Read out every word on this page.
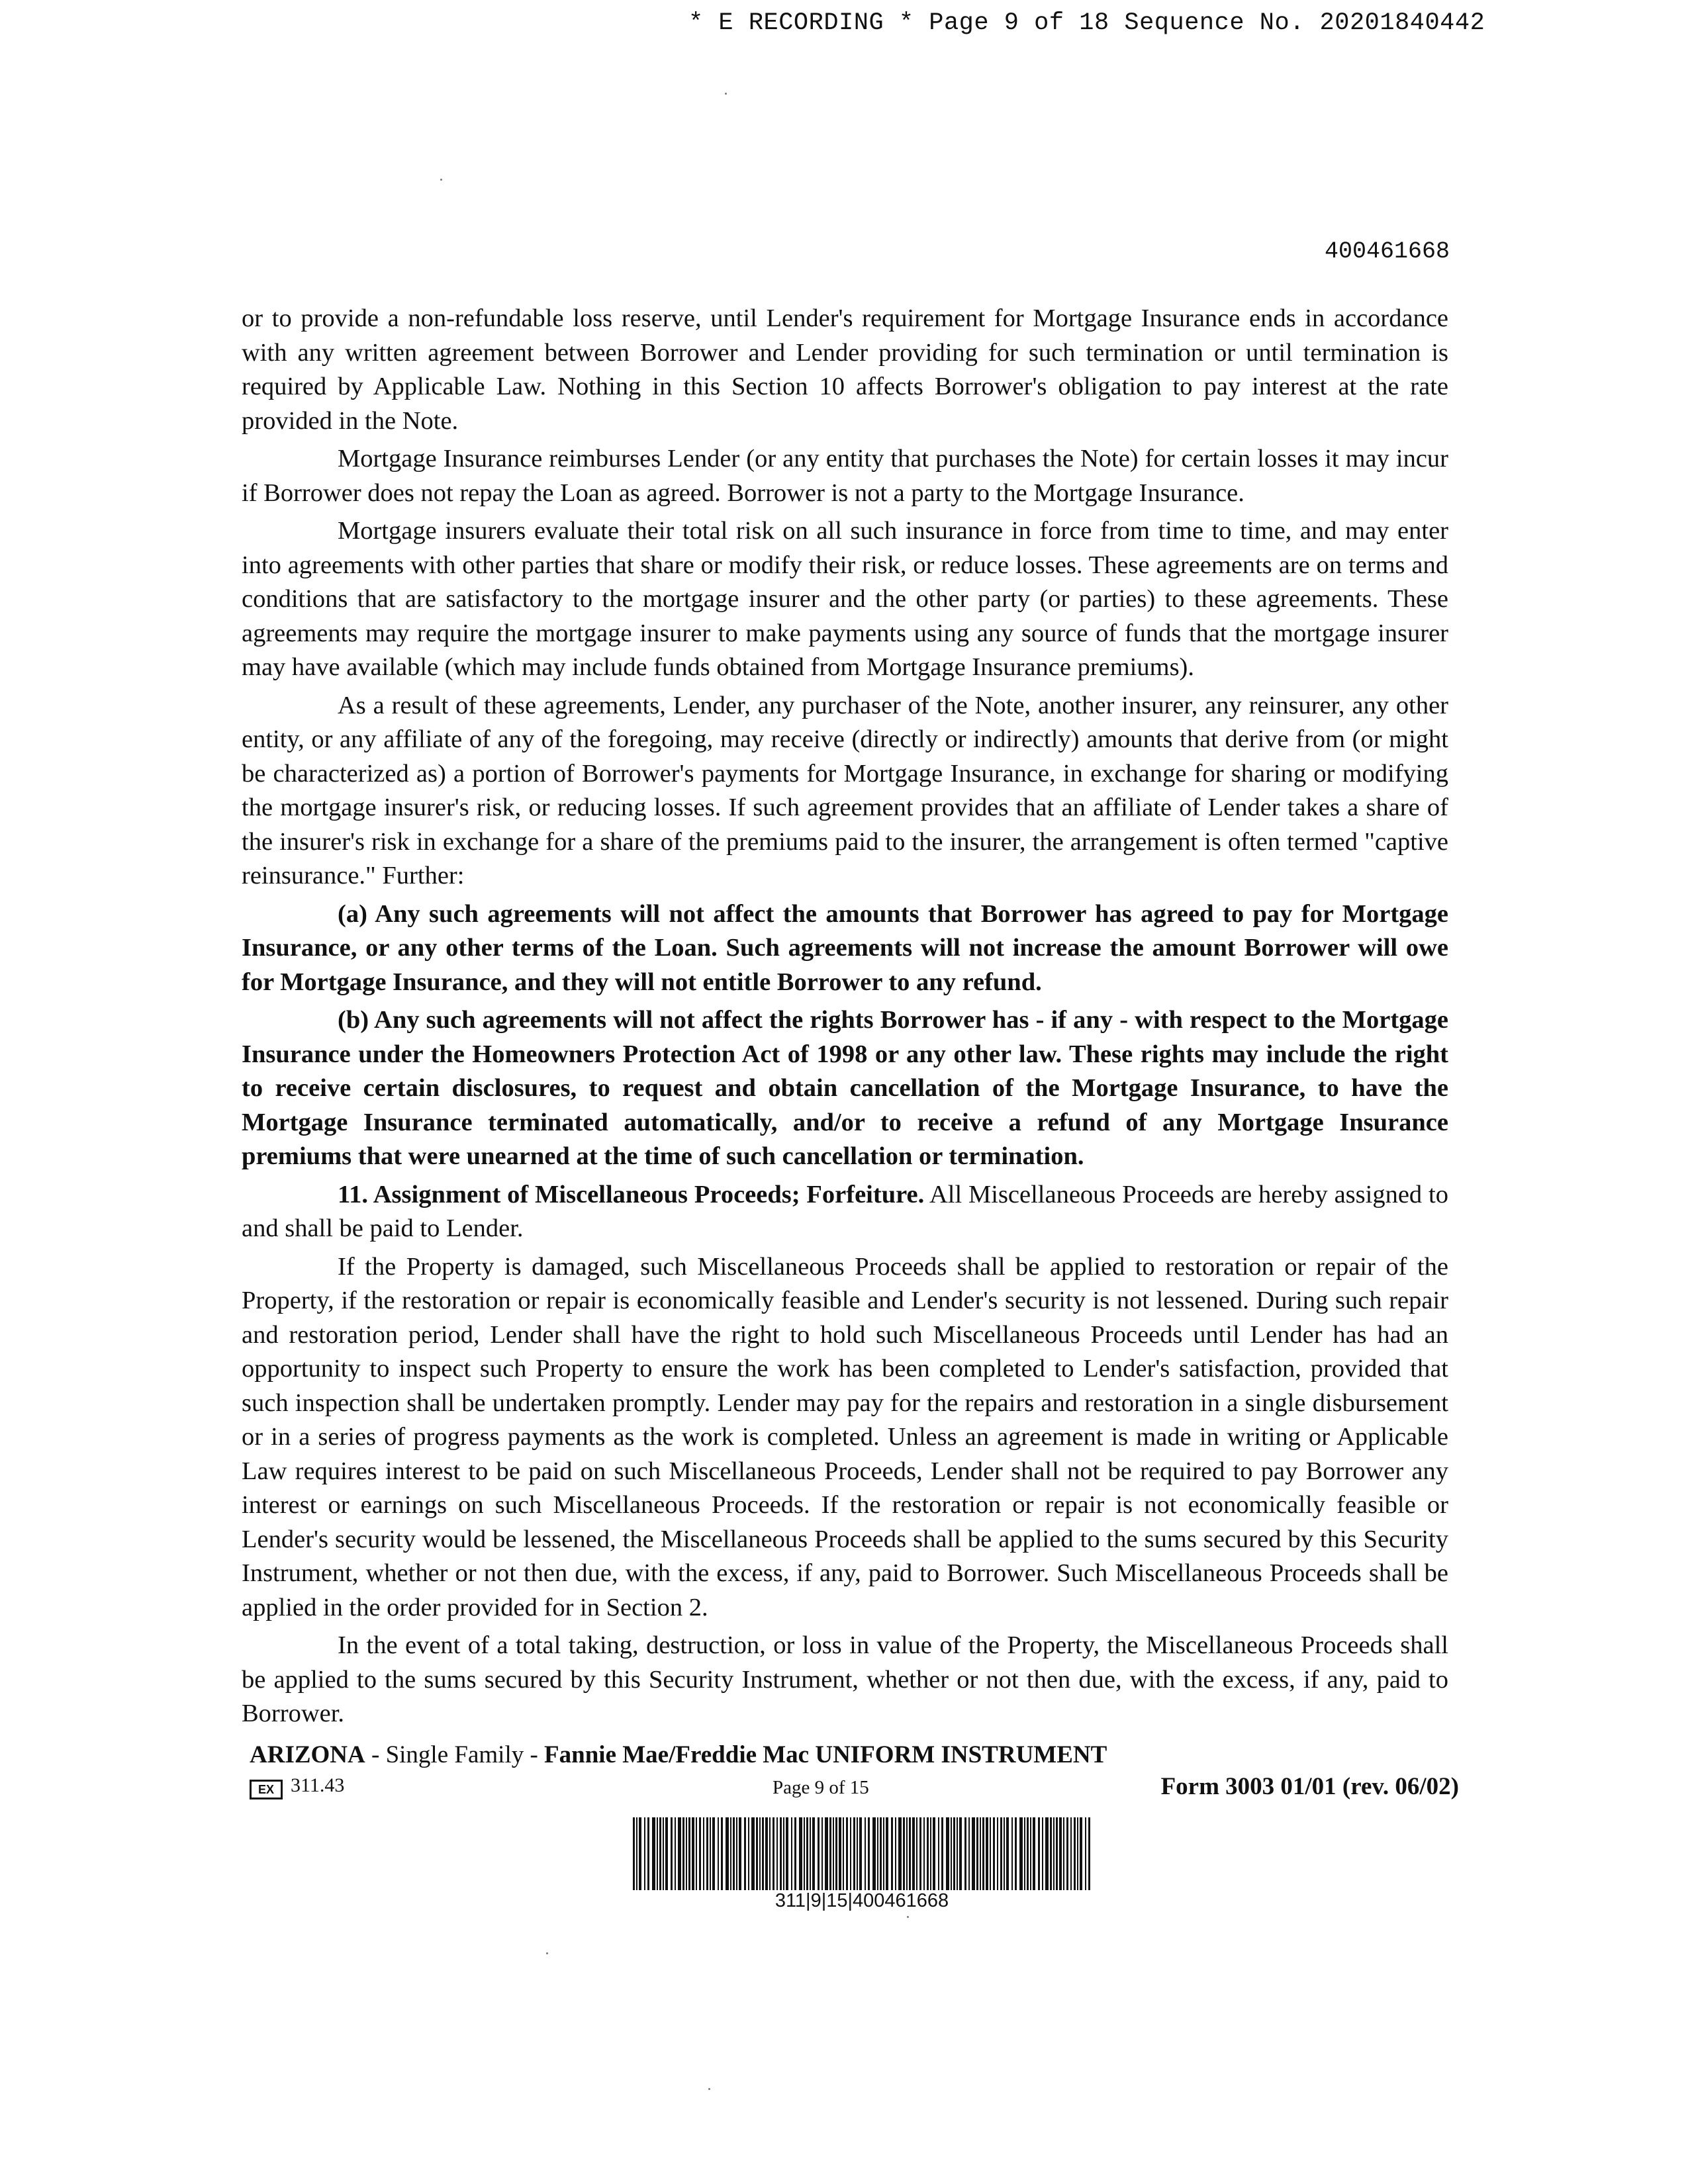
* E RECORDING * Page 9 of 18 Sequence No. 20201840442
400461668

or to provide a non-refundable loss reserve, until Lender's requirement for Mortgage Insurance ends in accordance with any written agreement between Borrower and Lender providing for such termination or until termination is required by Applicable Law. Nothing in this Section 10 affects Borrower's obligation to pay interest at the rate provided in the Note.

Mortgage Insurance reimburses Lender (or any entity that purchases the Note) for certain losses it may incur if Borrower does not repay the Loan as agreed. Borrower is not a party to the Mortgage Insurance.

Mortgage insurers evaluate their total risk on all such insurance in force from time to time, and may enter into agreements with other parties that share or modify their risk, or reduce losses. These agreements are on terms and conditions that are satisfactory to the mortgage insurer and the other party (or parties) to these agreements. These agreements may require the mortgage insurer to make payments using any source of funds that the mortgage insurer may have available (which may include funds obtained from Mortgage Insurance premiums).

As a result of these agreements, Lender, any purchaser of the Note, another insurer, any reinsurer, any other entity, or any affiliate of any of the foregoing, may receive (directly or indirectly) amounts that derive from (or might be characterized as) a portion of Borrower's payments for Mortgage Insurance, in exchange for sharing or modifying the mortgage insurer's risk, or reducing losses. If such agreement provides that an affiliate of Lender takes a share of the insurer's risk in exchange for a share of the premiums paid to the insurer, the arrangement is often termed "captive reinsurance." Further:

(a) Any such agreements will not affect the amounts that Borrower has agreed to pay for Mortgage Insurance, or any other terms of the Loan. Such agreements will not increase the amount Borrower will owe for Mortgage Insurance, and they will not entitle Borrower to any refund.

(b) Any such agreements will not affect the rights Borrower has - if any - with respect to the Mortgage Insurance under the Homeowners Protection Act of 1998 or any other law. These rights may include the right to receive certain disclosures, to request and obtain cancellation of the Mortgage Insurance, to have the Mortgage Insurance terminated automatically, and/or to receive a refund of any Mortgage Insurance premiums that were unearned at the time of such cancellation or termination.

11. Assignment of Miscellaneous Proceeds; Forfeiture. All Miscellaneous Proceeds are hereby assigned to and shall be paid to Lender.

If the Property is damaged, such Miscellaneous Proceeds shall be applied to restoration or repair of the Property, if the restoration or repair is economically feasible and Lender's security is not lessened. During such repair and restoration period, Lender shall have the right to hold such Miscellaneous Proceeds until Lender has had an opportunity to inspect such Property to ensure the work has been completed to Lender's satisfaction, provided that such inspection shall be undertaken promptly. Lender may pay for the repairs and restoration in a single disbursement or in a series of progress payments as the work is completed. Unless an agreement is made in writing or Applicable Law requires interest to be paid on such Miscellaneous Proceeds, Lender shall not be required to pay Borrower any interest or earnings on such Miscellaneous Proceeds. If the restoration or repair is not economically feasible or Lender's security would be lessened, the Miscellaneous Proceeds shall be applied to the sums secured by this Security Instrument, whether or not then due, with the excess, if any, paid to Borrower. Such Miscellaneous Proceeds shall be applied in the order provided for in Section 2.

In the event of a total taking, destruction, or loss in value of the Property, the Miscellaneous Proceeds shall be applied to the sums secured by this Security Instrument, whether or not then due, with the excess, if any, paid to Borrower.

ARIZONA - Single Family - Fannie Mae/Freddie Mac UNIFORM INSTRUMENT
EX 311.43	Page 9 of 15	Form 3003 01/01 (rev. 06/02)
311|9|15|400461668
